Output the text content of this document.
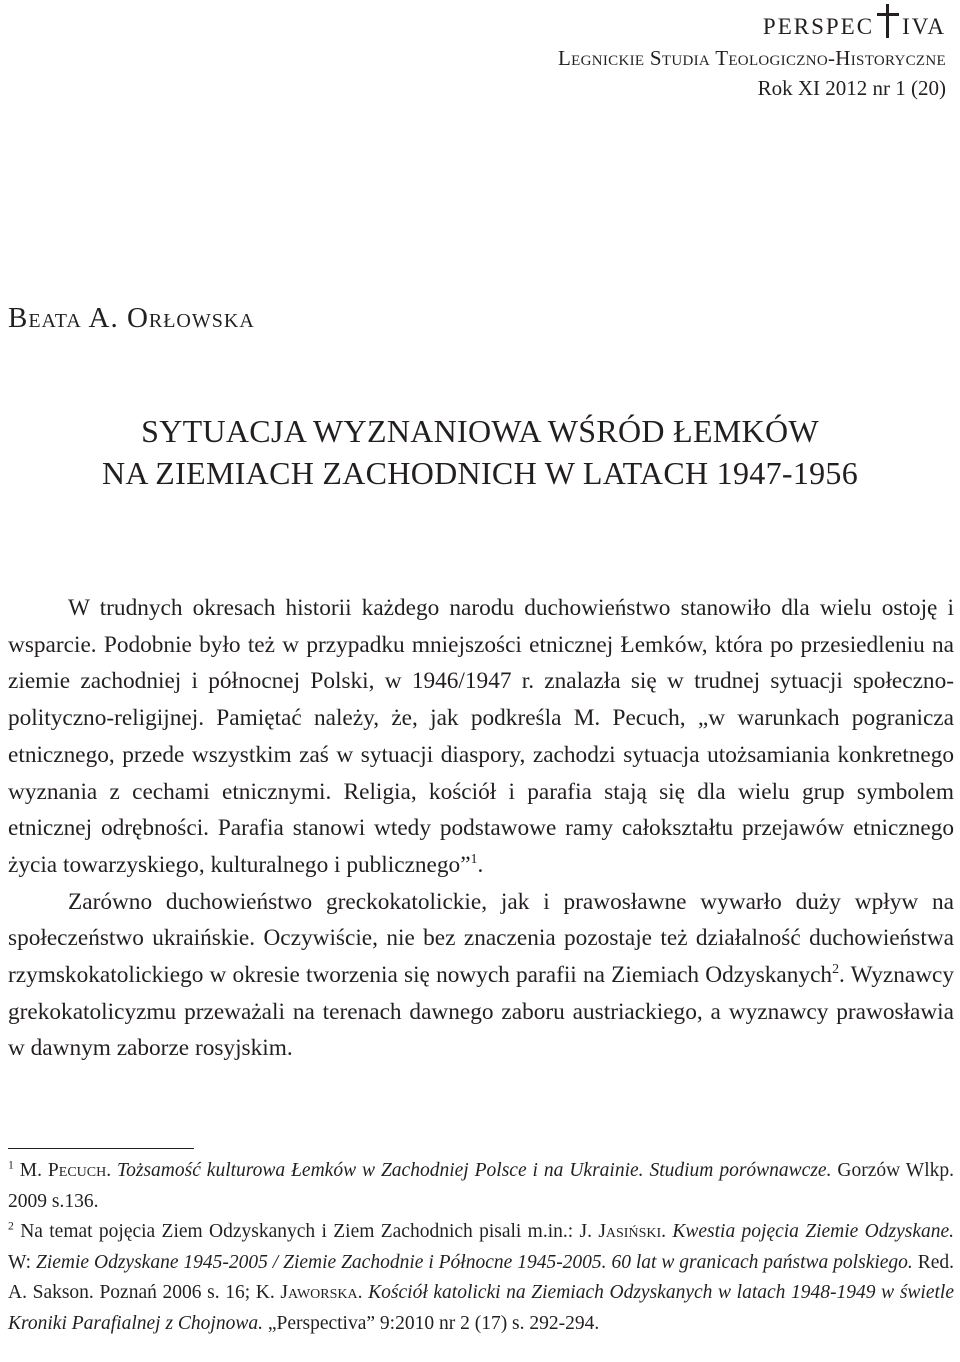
perspec iva
Legnickie Studia Teologiczno-Historyczne
Rok XI 2012 nr 1 (20)
Beata A. Orłowska
SYTUACJA WYZNANIOWA WŚRÓD ŁEMKÓW
NA ZIEMIACH ZACHODNICH W LATACH 1947-1956

W trudnych okresach historii każdego narodu duchowieństwo stanowiło dla wielu ostoję i wsparcie. Podobnie było też w przypadku mniejszości etnicznej Łemków, która po przesiedleniu na ziemie zachodniej i północnej Polski, w 1946/1947 r. znalazła się w trudnej sytuacji społeczno-polityczno-religijnej. Pamiętać należy, że, jak podkreśla M. Pecuch, „w warunkach pogranicza etnicznego, przede wszystkim zaś w sytuacji diaspory, zachodzi sytuacja utożsamiania konkretnego wyznania z cechami etnicznymi. Religia, kościół i parafia stają się dla wielu grup symbolem etnicznej odrębności. Parafia stanowi wtedy podstawowe ramy całokształtu przejawów etnicznego życia towarzyskiego, kulturalnego i publicznego”$^1$.

Zarówno duchowieństwo greckokatolickie, jak i prawosławne wywarło duży wpływ na społeczeństwo ukraińskie. Oczywiście, nie bez znaczenia pozostaje też działalność duchowieństwa rzymskokatolickiego w okresie tworzenia się nowych parafii na Ziemiach Odzyskanych$^2$. Wyznawcy grekokatolicyzmu przeważali na terenach dawnego zaboru austriackiego, a wyznawcy prawosławia w dawnym zaborze rosyjskim.

$^1$ M. Pecuch. Tożsamość kulturowa Łemków w Zachodniej Polsce i na Ukrainie. Studium porównawcze. Gorzów Wlkp. 2009 s.136.

$^2$ Na temat pojęcia Ziem Odzyskanych i Ziem Zachodnich pisali m.in.: J. Jasiński. Kwestia pojęcia Ziemie Odzyskane. W: Ziemie Odzyskane 1945-2005 / Ziemie Zachodnie i Północne 1945-2005. 60 lat w granicach państwa polskiego. Red. A. Sakson. Poznań 2006 s. 16; K. Jaworska. Kościół katolicki na Ziemiach Odzyskanych w latach 1948-1949 w świetle Kroniki Parafialnej z Chojnowa. „Perspectiva” 9:2010 nr 2 (17) s. 292-294.
